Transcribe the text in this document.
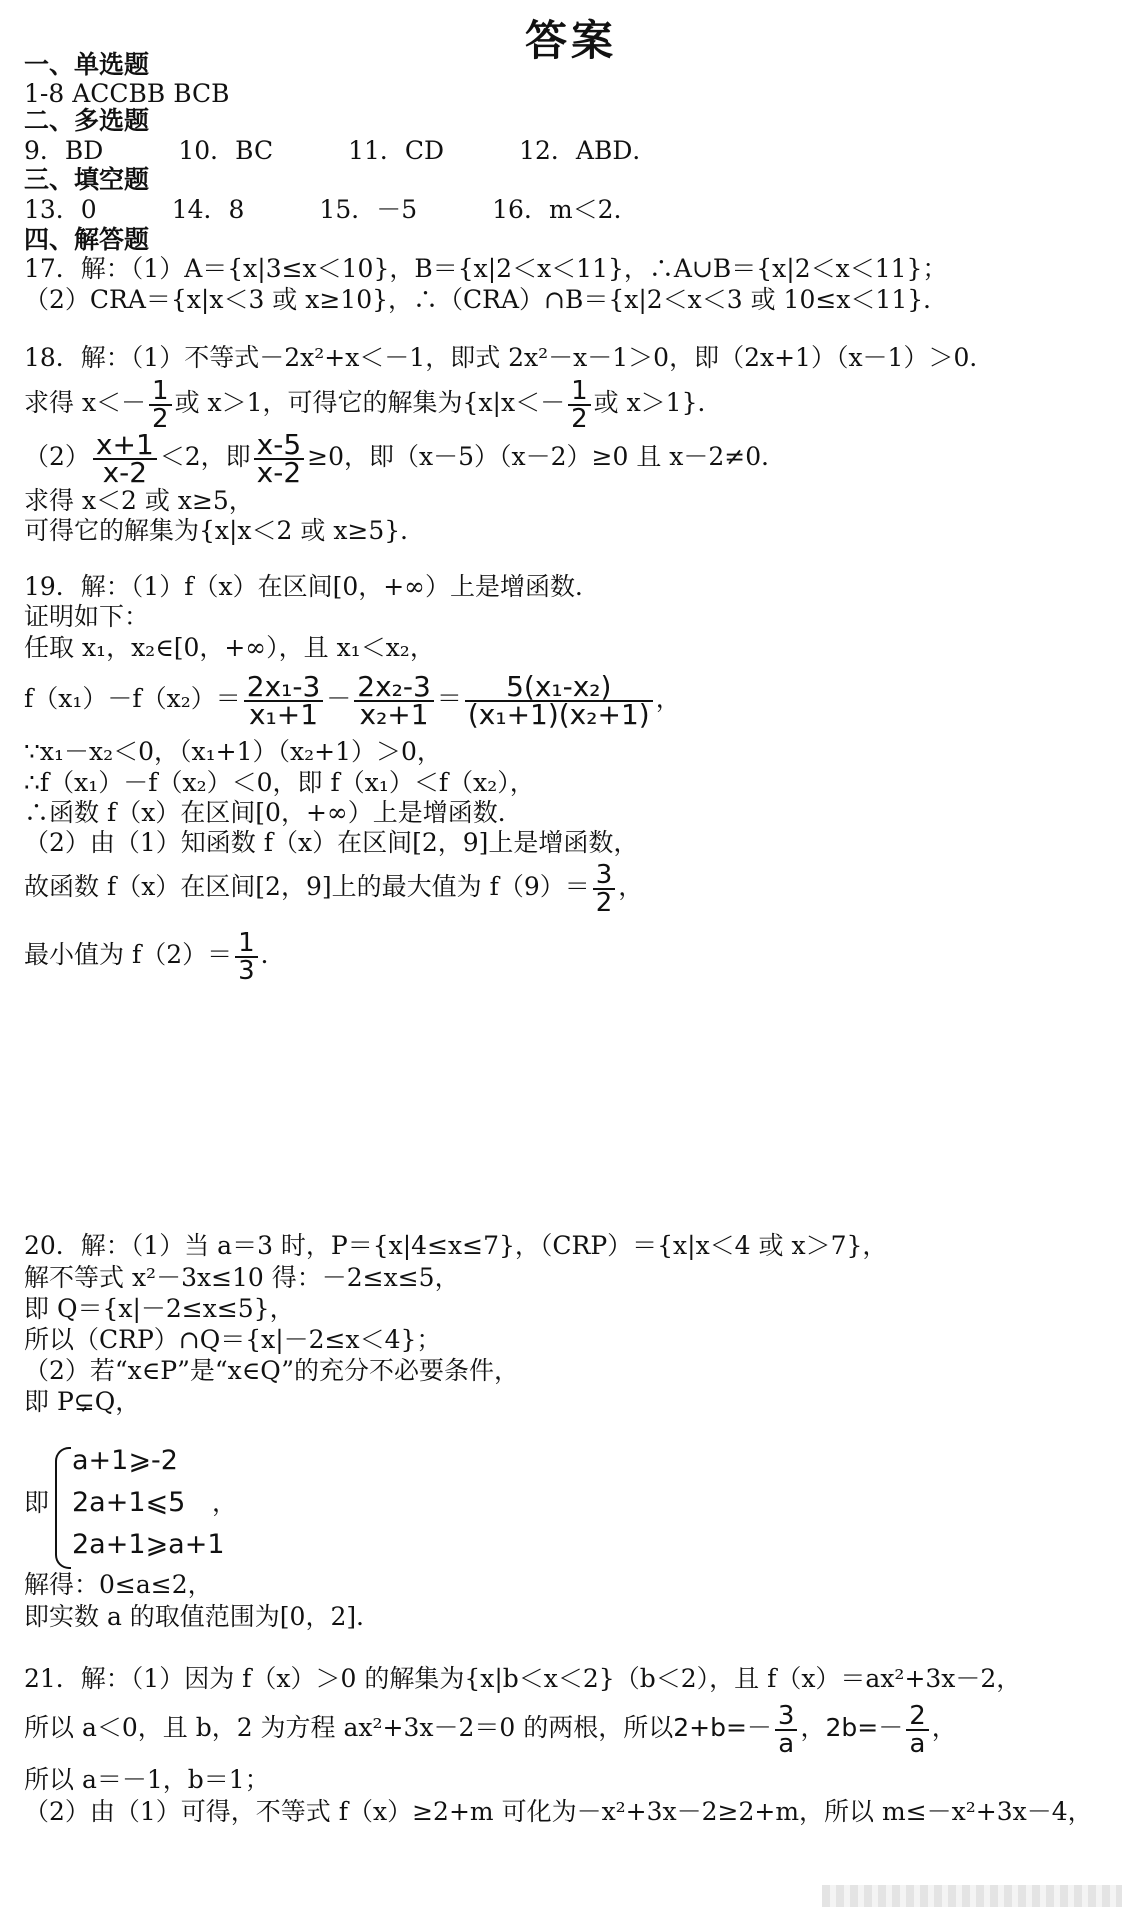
答案
一、单选题
1-8 ACCBB BCB
二、多选题
9．BD　　　10．BC　　　11．CD　　　12．ABD．
三、填空题
13．0　　　14．8　　　15．－5　　　16．m＜2．
四、解答题
17．解：（1）A＝{x|3≤x＜10}，B＝{x|2＜x＜11}，∴A∪B＝{x|2＜x＜11}；
（2）CRA＝{x|x＜3 或 x≥10}，∴（CRA）∩B＝{x|2＜x＜3 或 10≤x＜11}．
18．解：（1）不等式－2x²+x＜－1，即式 2x²－x－1＞0，即（2x+1）（x－1）＞0．
求得 $x<- \frac{1}{2}$ 或 x＞1，可得它的解集为{$x|x<- \frac{1}{2}$ 或 x＞1}．
$(2) \frac{x+1}{x-2} <2$，即 $\frac{x-5}{x-2} \ge 0$，即（x－5）（x－2）≥0 且 x－2≠0．
求得 x＜2 或 x≥5，
可得它的解集为{x|x＜2 或 x≥5}．
19．解：（1）f（x）在区间[0，+∞）上是增函数．
证明如下：
任取 x₁，x₂∈[0，+∞），且 x₁＜x₂，
$f(x_1)-f(x_2)= \frac{\text{2x₁-3}}{\text{x₁+1}} - \frac{\text{2x₂-3}}{\text{x₂+1}} = \frac{\text{5(x₁-x₂)}}{\text{(x₁+1)(x₂+1)}}$ ，
∵x₁－x₂＜0，（x₁+1）（x₂+1）＞0，
∴f（x₁）－f（x₂）＜0，即 f（x₁）＜f（x₂），
∴函数 f（x）在区间[0，+∞）上是增函数．
（2）由（1）知函数 f（x）在区间[2，9]上是增函数，
故函数 f（x）在区间[2，9]上的最大值为 $f(9)= \frac{3}{2}$ ，
最小值为 $f(2)= \frac{1}{3}$ ．
20．解：（1）当 a＝3 时，P＝{x|4≤x≤7}，（CRP）＝{x|x＜4 或 x＞7}，
解不等式 x²－3x≤10 得：－2≤x≤5，
即 Q＝{x|－2≤x≤5}，
所以（CRP）∩Q＝{x|－2≤x＜4}；
（2）若“x∈P”是“x∈Q”的充分不必要条件，
即 P⊊Q，
即
a+1⩾-2
2a+1⩽5
2a+1⩾a+1
，
解得：0≤a≤2，
即实数 a 的取值范围为[0，2]．
21．解：（1）因为 f（x）＞0 的解集为{x|b＜x＜2}（b＜2），且 f（x）＝ax²+3x－2，
所以 a＜0，且 b，2 为方程 ax²+3x－2＝0 的两根，所以$2+b=- \frac{3}{a}$ ，$2b=- \frac{2}{a}$ ，
所以 a＝－1，b＝1；
（2）由（1）可得，不等式 f（x）≥2+m 可化为－x²+3x－2≥2+m，所以 m≤－x²+3x－4，
